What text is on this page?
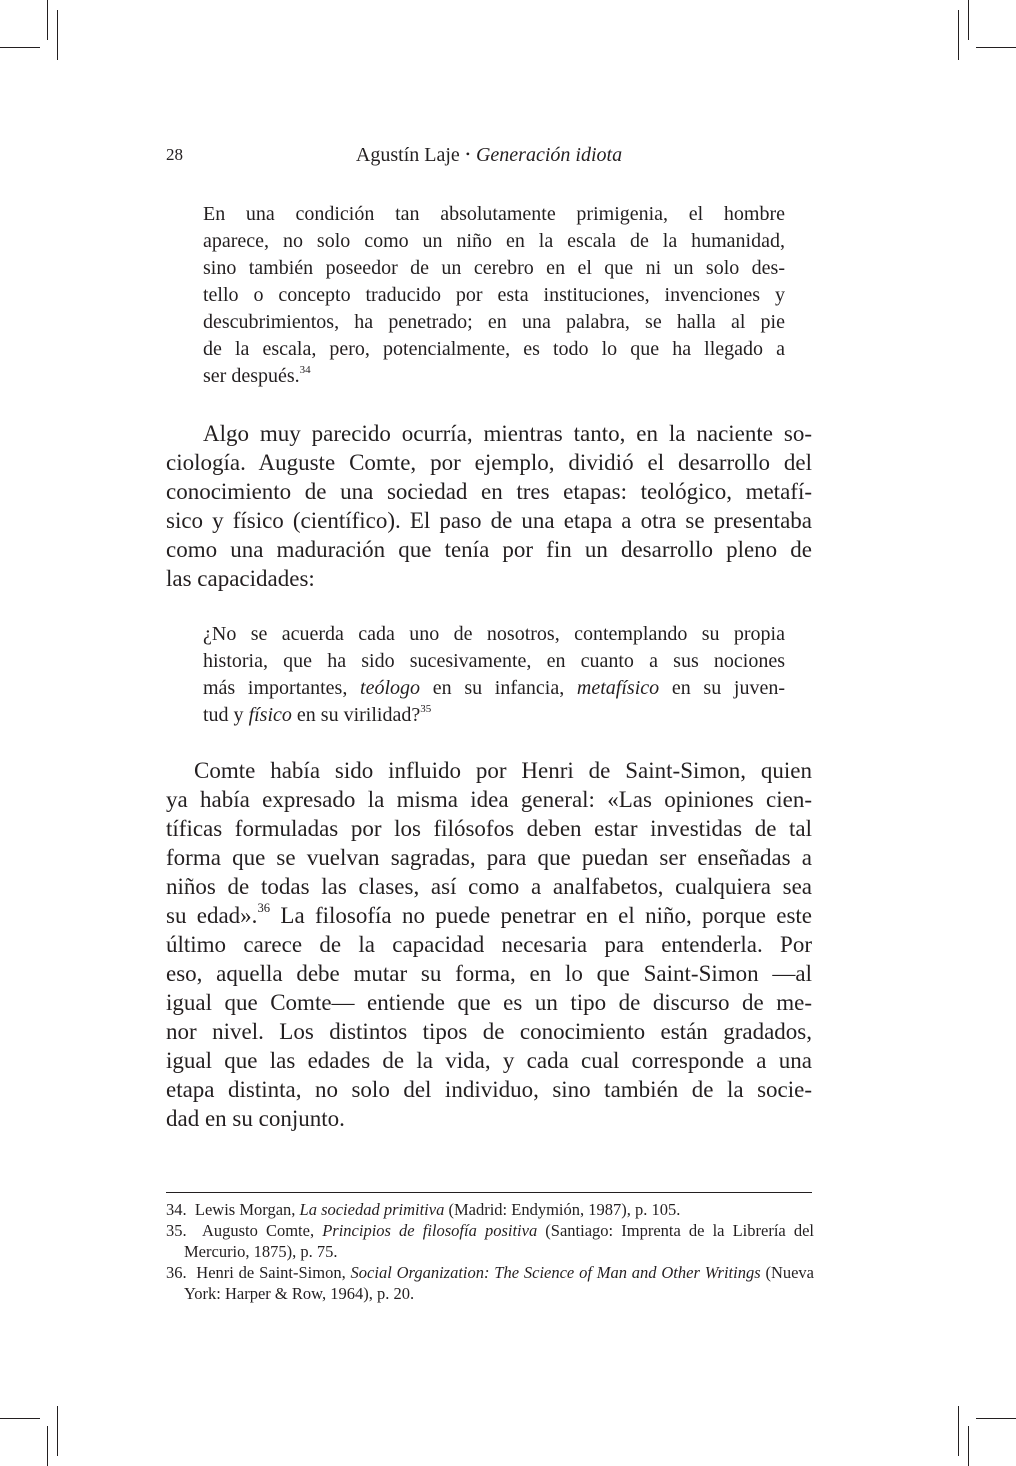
28	Agustín Laje • Generación idiota
En una condición tan absolutamente primigenia, el hombre
aparece, no solo como un niño en la escala de la humanidad,
sino también poseedor de un cerebro en el que ni un solo des-
tello o concepto traducido por esta instituciones, invenciones y
descubrimientos, ha penetrado; en una palabra, se halla al pie
de la escala, pero, potencialmente, es todo lo que ha llegado a
ser después.$^{34}$
Algo muy parecido ocurría, mientras tanto, en la naciente so-
ciología. Auguste Comte, por ejemplo, dividió el desarrollo del
conocimiento de una sociedad en tres etapas: teológico, metafí-
sico y físico (científico). El paso de una etapa a otra se presentaba
como una maduración que tenía por fin un desarrollo pleno de
las capacidades:
¿No se acuerda cada uno de nosotros, contemplando su propia
historia, que ha sido sucesivamente, en cuanto a sus nociones
más importantes, teólogo en su infancia, metafísico en su juven-
tud y físico en su virilidad?$^{35}$
Comte había sido influido por Henri de Saint-Simon, quien
ya había expresado la misma idea general: «Las opiniones cien-
tíficas formuladas por los filósofos deben estar investidas de tal
forma que se vuelvan sagradas, para que puedan ser enseñadas a
niños de todas las clases, así como a analfabetos, cualquiera sea
su edad».$^{36}$ La filosofía no puede penetrar en el niño, porque este
último carece de la capacidad necesaria para entenderla. Por
eso, aquella debe mutar su forma, en lo que Saint-Simon —al
igual que Comte— entiende que es un tipo de discurso de me-
nor nivel. Los distintos tipos de conocimiento están gradados,
igual que las edades de la vida, y cada cual corresponde a una
etapa distinta, no solo del individuo, sino también de la socie-
dad en su conjunto.

34. Lewis Morgan, La sociedad primitiva (Madrid: Endymión, 1987), p. 105.

35. Augusto Comte, Principios de filosofía positiva (Santiago: Imprenta de la Librería del Mercurio, 1875), p. 75.

36. Henri de Saint-Simon, Social Organization: The Science of Man and Other Writings (Nueva York: Harper & Row, 1964), p. 20.
